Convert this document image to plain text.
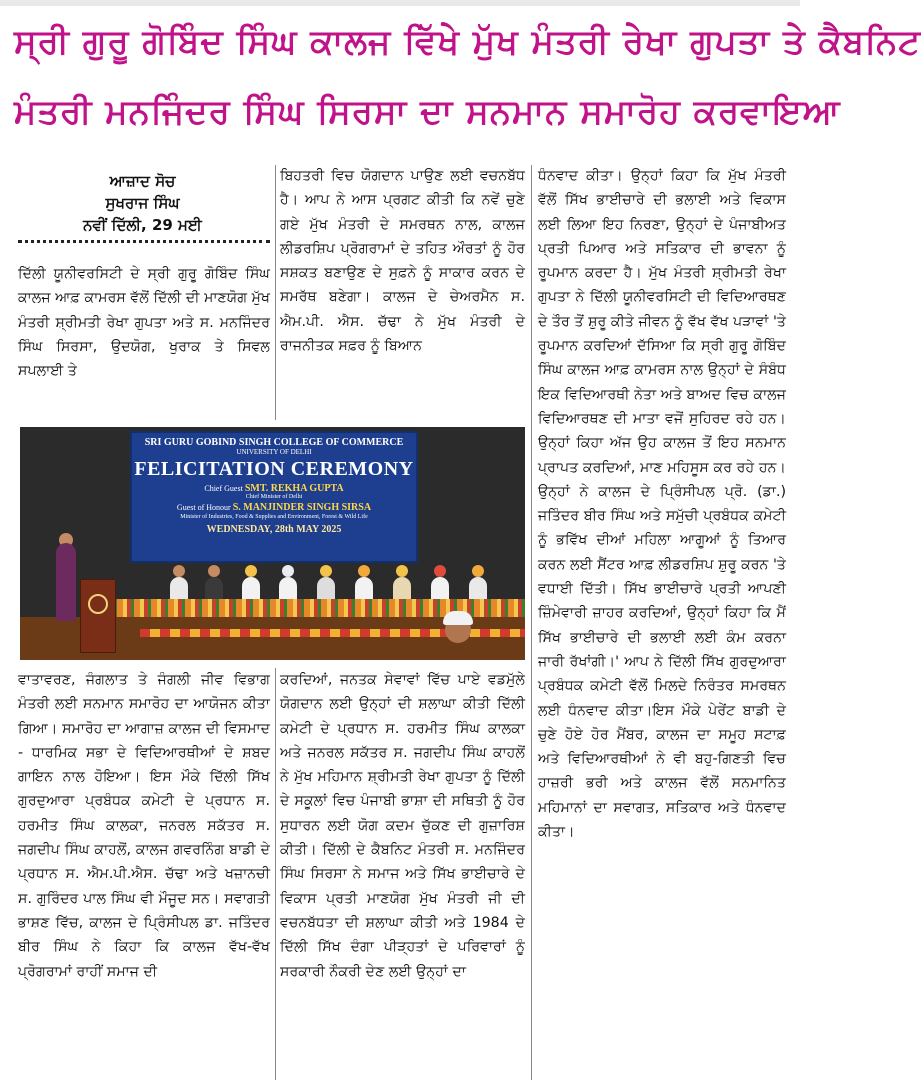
ਸ੍ਰੀ ਗੁਰੂ ਗੋਬਿੰਦ ਸਿੰਘ ਕਾਲਜ ਵਿੱਖੇ ਮੁੱਖ ਮੰਤਰੀ ਰੇਖਾ ਗੁਪਤਾ ਤੇ ਕੈਬਨਿਟ
ਮੰਤਰੀ ਮਨਜਿੰਦਰ ਸਿੰਘ ਸਿਰਸਾ ਦਾ ਸਨਮਾਨ ਸਮਾਰੋਹ ਕਰਵਾਇਆ
ਆਜ਼ਾਦ ਸੋਚ
ਸੁਖਰਾਜ ਸਿੰਘ
ਨਵੀਂ ਦਿੱਲੀ, 29 ਮਈ

ਦਿੱਲੀ ਯੂਨੀਵਰਸਿਟੀ ਦੇ ਸ੍ਰੀ ਗੁਰੂ ਗੋਬਿੰਦ ਸਿੰਘ ਕਾਲਜ ਆਫ਼ ਕਾਮਰਸ ਵੱਲੋਂ ਦਿੱਲੀ ਦੀ ਮਾਣਯੋਗ ਮੁੱਖ ਮੰਤਰੀ ਸ਼੍ਰੀਮਤੀ ਰੇਖਾ ਗੁਪਤਾ ਅਤੇ ਸ. ਮਨਜਿੰਦਰ ਸਿੰਘ ਸਿਰਸਾ, ਉਦਯੋਗ, ਖੁਰਾਕ ਤੇ ਸਿਵਲ ਸਪਲਾਈ ਤੇ

ਬਿਹਤਰੀ ਵਿਚ ਯੋਗਦਾਨ ਪਾਉਣ ਲਈ ਵਚਨਬੱਧ ਹੈ। ਆਪ ਨੇ ਆਸ ਪ੍ਰਗਟ ਕੀਤੀ ਕਿ ਨਵੇਂ ਚੁਣੇ ਗਏ ਮੁੱਖ ਮੰਤਰੀ ਦੇ ਸਮਰਥਨ ਨਾਲ, ਕਾਲਜ ਲੀਡਰਸ਼ਿਪ ਪ੍ਰੋਗਰਾਮਾਂ ਦੇ ਤਹਿਤ ਔਰਤਾਂ ਨੂੰ ਹੋਰ ਸਸ਼ਕਤ ਬਣਾਉਣ ਦੇ ਸੁਫ਼ਨੇ ਨੂੰ ਸਾਕਾਰ ਕਰਨ ਦੇ ਸਮਰੱਥ ਬਣੇਗਾ। ਕਾਲਜ ਦੇ ਚੇਅਰਮੈਨ ਸ. ਐਮ.ਪੀ. ਐਸ. ਚੱਢਾ ਨੇ ਮੁੱਖ ਮੰਤਰੀ ਦੇ ਰਾਜਨੀਤਕ ਸਫ਼ਰ ਨੂੰ ਬਿਆਨ

ਧੰਨਵਾਦ ਕੀਤਾ। ਉਨ੍ਹਾਂ ਕਿਹਾ ਕਿ ਮੁੱਖ ਮੰਤਰੀ ਵੱਲੋਂ ਸਿੱਖ ਭਾਈਚਾਰੇ ਦੀ ਭਲਾਈ ਅਤੇ ਵਿਕਾਸ ਲਈ ਲਿਆ ਇਹ ਨਿਰਣਾ, ਉਨ੍ਹਾਂ ਦੇ ਪੰਜਾਬੀਅਤ ਪ੍ਰਤੀ ਪਿਆਰ ਅਤੇ ਸਤਿਕਾਰ ਦੀ ਭਾਵਨਾ ਨੂੰ ਰੂਪਮਾਨ ਕਰਦਾ ਹੈ। ਮੁੱਖ ਮੰਤਰੀ ਸ਼੍ਰੀਮਤੀ ਰੇਖਾ ਗੁਪਤਾ ਨੇ ਦਿੱਲੀ ਯੂਨੀਵਰਸਿਟੀ ਦੀ ਵਿਦਿਆਰਥਣ ਦੇ ਤੌਰ ਤੋਂ ਸ਼ੁਰੂ ਕੀਤੇ ਜੀਵਨ ਨੂੰ ਵੱਖ ਵੱਖ ਪੜਾਵਾਂ 'ਤੇ ਰੂਪਮਾਨ ਕਰਦਿਆਂ ਦੱਸਿਆ ਕਿ ਸ੍ਰੀ ਗੁਰੂ ਗੋਬਿੰਦ ਸਿੰਘ ਕਾਲਜ ਆਫ਼ ਕਾਮਰਸ ਨਾਲ ਉਨ੍ਹਾਂ ਦੇ ਸੰਬੰਧ ਇਕ ਵਿਦਿਆਰਥੀ ਨੇਤਾ ਅਤੇ ਬਾਅਦ ਵਿਚ ਕਾਲਜ ਵਿਦਿਆਰਥਣ ਦੀ ਮਾਤਾ ਵਜੋਂ ਸੁਹਿਰਦ ਰਹੇ ਹਨ। ਉਨ੍ਹਾਂ ਕਿਹਾ ਅੱਜ ਉਹ ਕਾਲਜ ਤੋਂ ਇਹ ਸਨਮਾਨ ਪ੍ਰਾਪਤ ਕਰਦਿਆਂ, ਮਾਣ ਮਹਿਸੂਸ ਕਰ ਰਹੇ ਹਨ। ਉਨ੍ਹਾਂ ਨੇ ਕਾਲਜ ਦੇ ਪ੍ਰਿੰਸੀਪਲ ਪ੍ਰੋ. (ਡਾ.) ਜਤਿੰਦਰ ਬੀਰ ਸਿੰਘ ਅਤੇ ਸਮੁੱਚੀ ਪ੍ਰਬੰਧਕ ਕਮੇਟੀ ਨੂੰ ਭਵਿੱਖ ਦੀਆਂ ਮਹਿਲਾ ਆਗੂਆਂ ਨੂੰ ਤਿਆਰ ਕਰਨ ਲਈ ਸੈਂਟਰ ਆਫ਼ ਲੀਡਰਸ਼ਿਪ ਸ਼ੁਰੂ ਕਰਨ 'ਤੇ ਵਧਾਈ ਦਿੱਤੀ। ਸਿੱਖ ਭਾਈਚਾਰੇ ਪ੍ਰਤੀ ਆਪਣੀ ਜ਼ਿੰਮੇਵਾਰੀ ਜ਼ਾਹਰ ਕਰਦਿਆਂ, ਉਨ੍ਹਾਂ ਕਿਹਾ ਕਿ ਮੈਂ ਸਿੱਖ ਭਾਈਚਾਰੇ ਦੀ ਭਲਾਈ ਲਈ ਕੰਮ ਕਰਨਾ ਜਾਰੀ ਰੱਖਾਂਗੀ।' ਆਪ ਨੇ ਦਿੱਲੀ ਸਿੱਖ ਗੁਰਦੁਆਰਾ ਪ੍ਰਬੰਧਕ ਕਮੇਟੀ ਵੱਲੋਂ ਮਿਲਦੇ ਨਿਰੰਤਰ ਸਮਰਥਨ ਲਈ ਧੰਨਵਾਦ ਕੀਤਾ।ਇਸ ਮੌਕੇ ਪੇਰੇਂਟ ਬਾਡੀ ਦੇ ਚੁਣੇ ਹੋਏ ਹੋਰ ਮੈਂਬਰ, ਕਾਲਜ ਦਾ ਸਮੂਹ ਸਟਾਫ਼ ਅਤੇ ਵਿਦਿਆਰਥੀਆਂ ਨੇ ਵੀ ਬਹੁ-ਗਿਣਤੀ ਵਿਚ ਹਾਜ਼ਰੀ ਭਰੀ ਅਤੇ ਕਾਲਜ ਵੱਲੋਂ ਸਨਮਾਨਿਤ ਮਹਿਮਾਨਾਂ ਦਾ ਸਵਾਗਤ, ਸਤਿਕਾਰ ਅਤੇ ਧੰਨਵਾਦ ਕੀਤਾ।

SRI GURU GOBIND SINGH COLLEGE OF COMMERCE
UNIVERSITY OF DELHI
FELICITATION CEREMONY
Chief Guest SMT. REKHA GUPTA
Chief Minister of Delhi
Guest of Honour S. MANJINDER SINGH SIRSA
Minister of Industries, Food & Supplies and Environment, Forest & Wild Life
WEDNESDAY, 28th MAY 2025

ਵਾਤਾਵਰਣ, ਜੰਗਲਾਤ ਤੇ ਜੰਗਲੀ ਜੀਵ ਵਿਭਾਗ ਮੰਤਰੀ ਲਈ ਸਨਮਾਨ ਸਮਾਰੋਹ ਦਾ ਆਯੋਜਨ ਕੀਤਾ ਗਿਆ। ਸਮਾਰੋਹ ਦਾ ਆਗਾਜ਼ ਕਾਲਜ ਦੀ ਵਿਸਮਾਦ - ਧਾਰਮਿਕ ਸਭਾ ਦੇ ਵਿਦਿਆਰਥੀਆਂ ਦੇ ਸ਼ਬਦ ਗਾਇਨ ਨਾਲ ਹੋਇਆ। ਇਸ ਮੌਕੇ ਦਿੱਲੀ ਸਿੱਖ ਗੁਰਦੁਆਰਾ ਪ੍ਰਬੰਧਕ ਕਮੇਟੀ ਦੇ ਪ੍ਰਧਾਨ ਸ. ਹਰਮੀਤ ਸਿੰਘ ਕਾਲਕਾ, ਜਨਰਲ ਸਕੱਤਰ ਸ. ਜਗਦੀਪ ਸਿੰਘ ਕਾਹਲੋਂ, ਕਾਲਜ ਗਵਰਨਿੰਗ ਬਾਡੀ ਦੇ ਪ੍ਰਧਾਨ ਸ. ਐਮ.ਪੀ.ਐਸ. ਚੱਢਾ ਅਤੇ ਖਜ਼ਾਨਚੀ ਸ. ਗੁਰਿੰਦਰ ਪਾਲ ਸਿੰਘ ਵੀ ਮੌਜੂਦ ਸਨ। ਸਵਾਗਤੀ ਭਾਸ਼ਣ ਵਿੱਚ, ਕਾਲਜ ਦੇ ਪ੍ਰਿੰਸੀਪਲ ਡਾ. ਜਤਿੰਦਰ ਬੀਰ ਸਿੰਘ ਨੇ ਕਿਹਾ ਕਿ ਕਾਲਜ ਵੱਖ-ਵੱਖ ਪ੍ਰੋਗਰਾਮਾਂ ਰਾਹੀਂ ਸਮਾਜ ਦੀ

ਕਰਦਿਆਂ, ਜਨਤਕ ਸੇਵਾਵਾਂ ਵਿੱਚ ਪਾਏ ਵਡਮੁੱਲੇ ਯੋਗਦਾਨ ਲਈ ਉਨ੍ਹਾਂ ਦੀ ਸ਼ਲਾਘਾ ਕੀਤੀ ਦਿੱਲੀ ਕਮੇਟੀ ਦੇ ਪ੍ਰਧਾਨ ਸ. ਹਰਮੀਤ ਸਿੰਘ ਕਾਲਕਾ ਅਤੇ ਜਨਰਲ ਸਕੱਤਰ ਸ. ਜਗਦੀਪ ਸਿੰਘ ਕਾਹਲੋਂ ਨੇ ਮੁੱਖ ਮਹਿਮਾਨ ਸ਼੍ਰੀਮਤੀ ਰੇਖਾ ਗੁਪਤਾ ਨੂੰ ਦਿੱਲੀ ਦੇ ਸਕੂਲਾਂ ਵਿਚ ਪੰਜਾਬੀ ਭਾਸ਼ਾ ਦੀ ਸਥਿਤੀ ਨੂੰ ਹੋਰ ਸੁਧਾਰਨ ਲਈ ਯੋਗ ਕਦਮ ਚੁੱਕਣ ਦੀ ਗੁਜ਼ਾਰਿਸ਼ ਕੀਤੀ। ਦਿੱਲੀ ਦੇ ਕੈਬਨਿਟ ਮੰਤਰੀ ਸ. ਮਨਜਿੰਦਰ ਸਿੰਘ ਸਿਰਸਾ ਨੇ ਸਮਾਜ ਅਤੇ ਸਿੱਖ ਭਾਈਚਾਰੇ ਦੇ ਵਿਕਾਸ ਪ੍ਰਤੀ ਮਾਣਯੋਗ ਮੁੱਖ ਮੰਤਰੀ ਜੀ ਦੀ ਵਚਨਬੱਧਤਾ ਦੀ ਸ਼ਲਾਘਾ ਕੀਤੀ ਅਤੇ 1984 ਦੇ ਦਿੱਲੀ ਸਿੱਖ ਦੰਗਾ ਪੀੜ੍ਹਤਾਂ ਦੇ ਪਰਿਵਾਰਾਂ ਨੂੰ ਸਰਕਾਰੀ ਨੌਕਰੀ ਦੇਣ ਲਈ ਉਨ੍ਹਾਂ ਦਾ
